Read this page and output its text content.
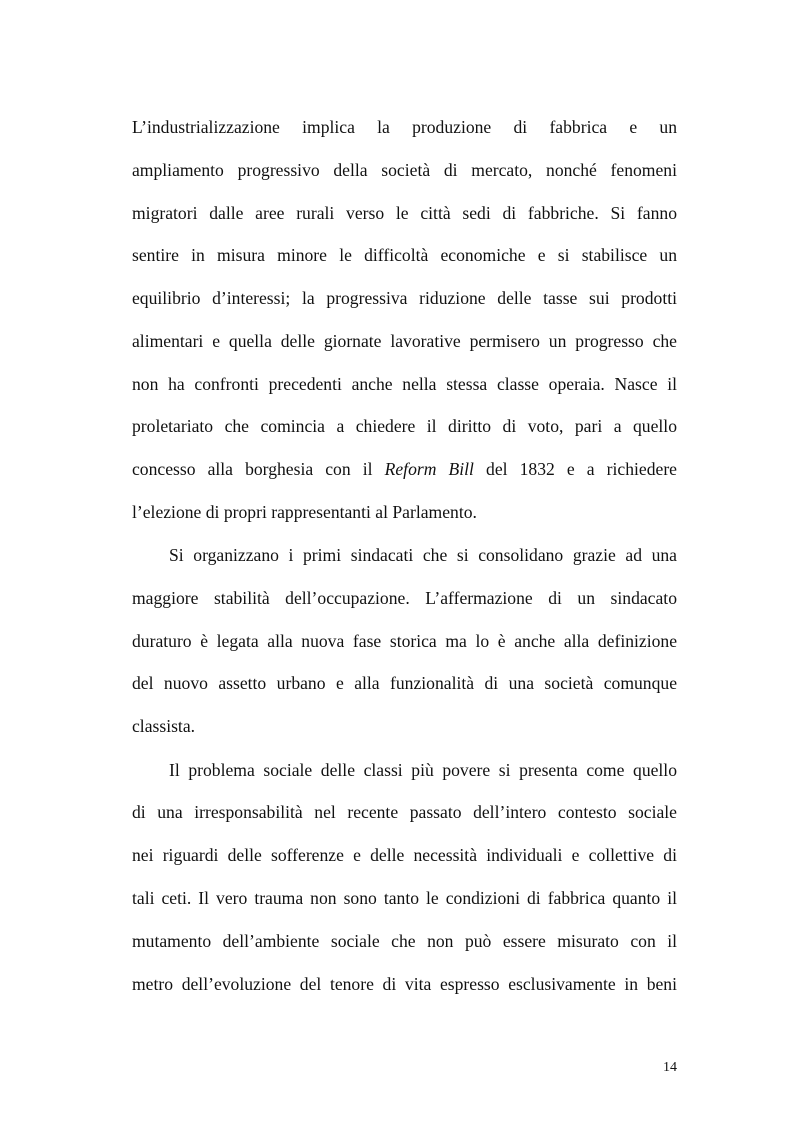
L’industrializzazione implica la produzione di fabbrica e un
ampliamento progressivo della società di mercato, nonché fenomeni
migratori dalle aree rurali verso le città sedi di fabbriche. Si fanno
sentire in misura minore le difficoltà economiche e si stabilisce un
equilibrio d’interessi; la progressiva riduzione delle tasse sui prodotti
alimentari e quella delle giornate lavorative permisero un progresso che
non ha confronti precedenti anche nella stessa classe operaia. Nasce il
proletariato che comincia a chiedere il diritto di voto, pari a quello
concesso alla borghesia con il Reform Bill del 1832 e a richiedere
l’elezione di propri rappresentanti al Parlamento.
Si organizzano i primi sindacati che si consolidano grazie ad una
maggiore stabilità dell’occupazione. L’affermazione di un sindacato
duraturo è legata alla nuova fase storica ma lo è anche alla definizione
del nuovo assetto urbano e alla funzionalità di una società comunque
classista.
Il problema sociale delle classi più povere si presenta come quello
di una irresponsabilità nel recente passato dell’intero contesto sociale
nei riguardi delle sofferenze e delle necessità individuali e collettive di
tali ceti. Il vero trauma non sono tanto le condizioni di fabbrica quanto il
mutamento dell’ambiente sociale che non può essere misurato con il
metro dell’evoluzione del tenore di vita espresso esclusivamente in beni
14
